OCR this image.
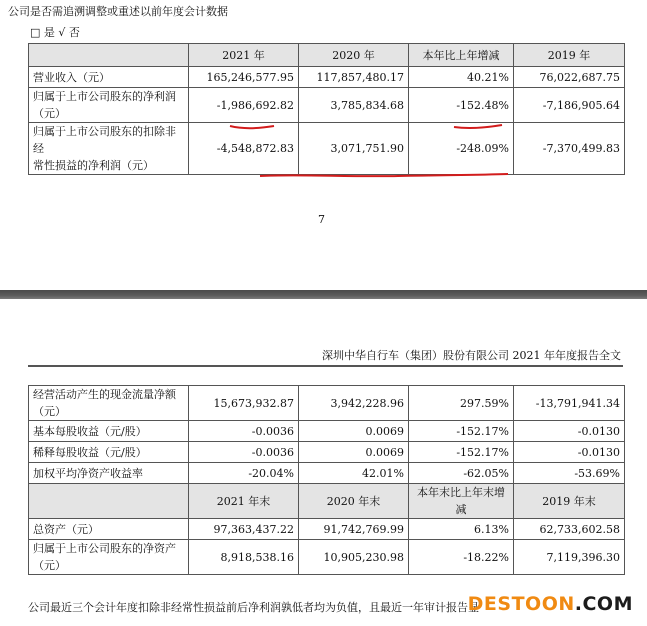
公司是否需追溯调整或重述以前年度会计数据
□ 是 √ 否
	2021 年	2020 年	本年比上年增减	2019 年
营业收入（元）	165,246,577.95	117,857,480.17	40.21%	76,022,687.75
归属于上市公司股东的净利润
（元）	-1,986,692.82	3,785,834.68	-152.48%	-7,186,905.64
归属于上市公司股东的扣除非经
常性损益的净利润（元）	-4,548,872.83	3,071,751.90	-248.09%	-7,370,499.83
7
深圳中华自行车（集团）股份有限公司 2021 年年度报告全文
经营活动产生的现金流量净额
（元）	15,673,932.87	3,942,228.96	297.59%	-13,791,941.34
基本每股收益（元/股）	-0.0036	0.0069	-152.17%	-0.0130
稀释每股收益（元/股）	-0.0036	0.0069	-152.17%	-0.0130
加权平均净资产收益率	-20.04%	42.01%	-62.05%	-53.69%
	2021 年末	2020 年末	本年末比上年末增减	2019 年末
总资产（元）	97,363,437.22	91,742,769.99	6.13%	62,733,602.58
归属于上市公司股东的净资产
（元）	8,918,538.16	10,905,230.98	-18.22%	7,119,396.30
公司最近三个会计年度扣除非经常性损益前后净利润孰低者均为负值，且最近一年审计报告显
DESTOON.COM
